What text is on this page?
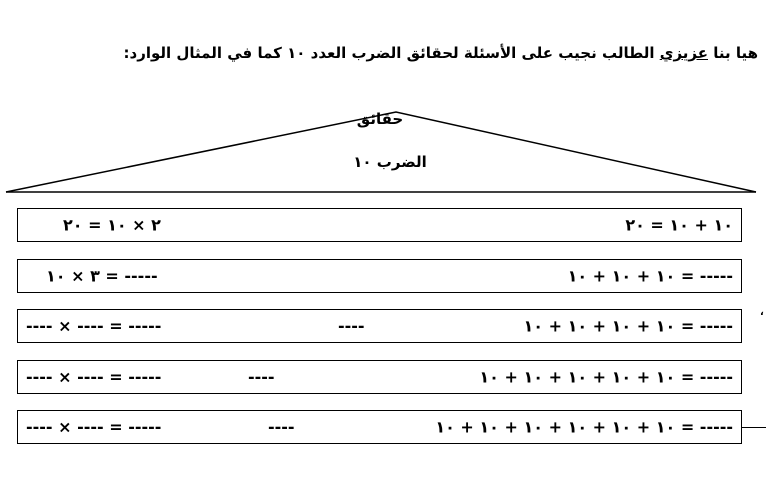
هيا بنا عزيزي الطالب نجيب على الأسئلة لحقائق الضرب العدد ١٠ كما في المثال الوارد:
حقائق
الضرب ١٠
١٠ + ١٠ = ٢٠
٢ × ١٠ = ٢٠
١٠ + ١٠ + ١٠ = -----
٣ × ١٠ = -----
١٠ + ١٠ + ١٠ + ١٠ = -----
----
---- × ---- = -----
١٠ + ١٠ + ١٠ + ١٠ + ١٠ = -----
----
---- × ---- = -----
١٠ + ١٠ + ١٠ + ١٠ + ١٠ + ١٠ = -----
----
---- × ---- = -----
،
